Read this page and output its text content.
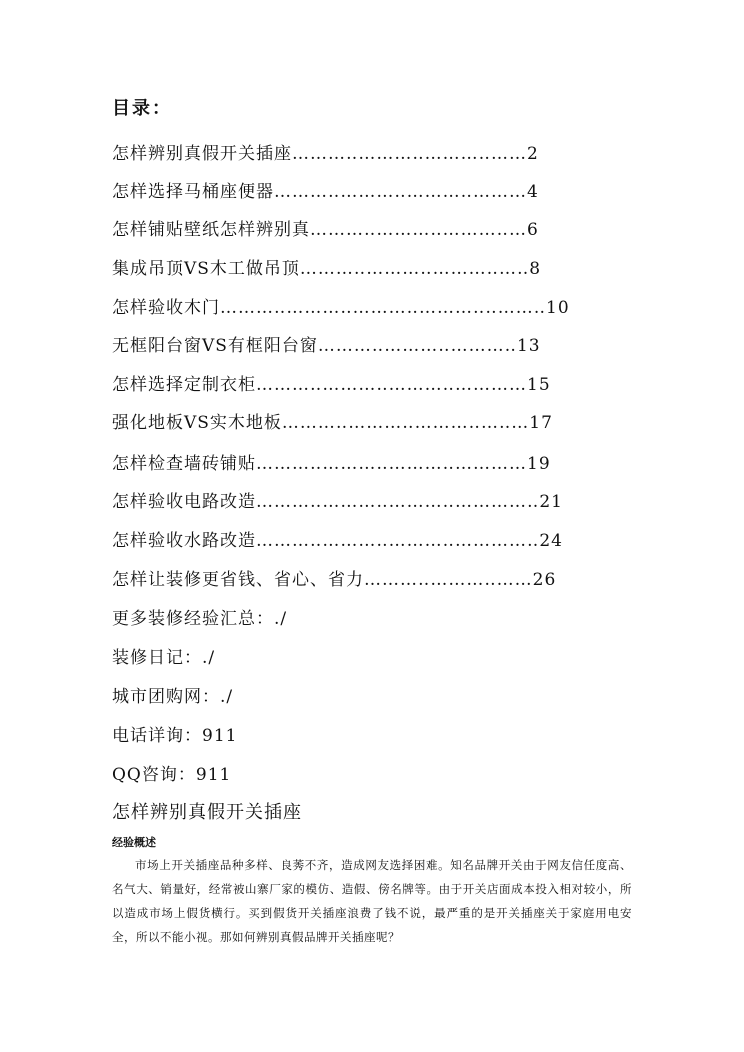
目录：
怎样辨别真假开关插座………‥………‥………‥……2
怎样选择马桶座便器………‥………‥………‥………4
怎样铺贴壁纸怎样辨别真………‥………‥………‥…6
集成吊顶VS木工做吊顶………‥………‥………‥…‥8
怎样验收木门………‥………‥………‥………‥‥……‥10
无框阳台窗VS有框阳台窗………‥………‥………‥13
怎样选择定制衣柜………‥………‥………‥…………15
强化地板VS实木地板………‥………‥………‥…‥…17
怎样检查墙砖铺贴………‥………‥………‥…………19
怎样验收电路改造………‥………‥………‥…………‥21
怎样验收水路改造………‥………‥………‥…………‥24
怎样让装修更省钱、省心、省力………‥………‥……26
更多装修经验汇总：./
装修日记：./
城市团购网：./
电话详询：911
QQ咨询：911
怎样辨别真假开关插座
经验概述
市场上开关插座品种多样、良莠不齐，造成网友选择困难。知名品牌开关由于网友信任度高、名气大、销量好，经常被山寨厂家的模仿、造假、傍名牌等。由于开关店面成本投入相对较小，所以造成市场上假货横行。买到假货开关插座浪费了钱不说，最严重的是开关插座关于家庭用电安全，所以不能小视。那如何辨别真假品牌开关插座呢？
